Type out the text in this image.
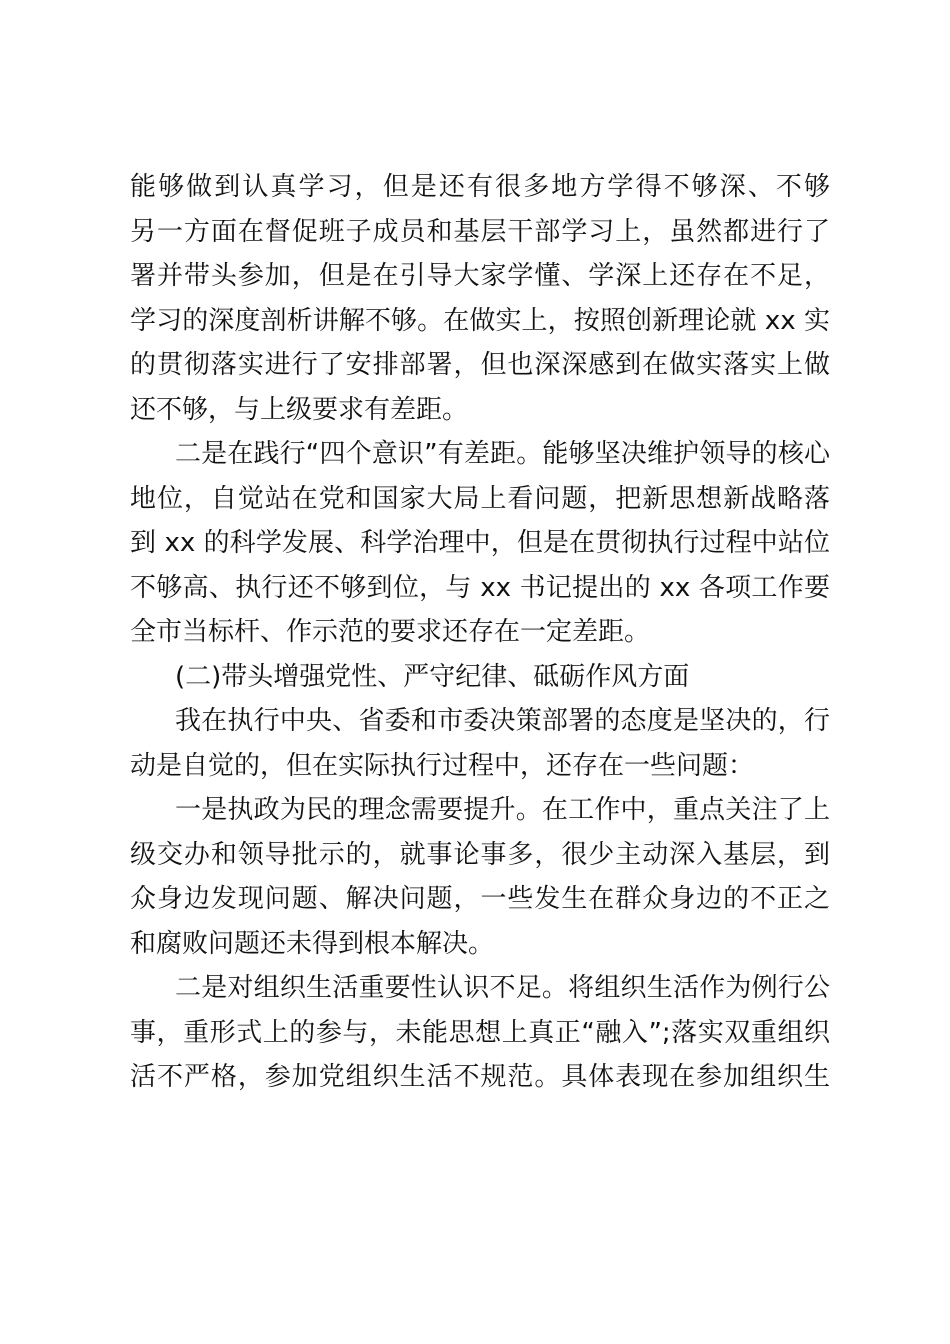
能够做到认真学习，但是还有很多地方学得不够深、不够
另一方面在督促班子成员和基层干部学习上，虽然都进行了
署并带头参加，但是在引导大家学懂、学深上还存在不足，
学习的深度剖析讲解不够。在做实上，按照创新理论就 xx 实
的贯彻落实进行了安排部署，但也深深感到在做实落实上做
还不够，与上级要求有差距。
二是在践行“四个意识”有差距。能够坚决维护领导的核心
地位，自觉站在党和国家大局上看问题，把新思想新战略落
到 xx 的科学发展、科学治理中，但是在贯彻执行过程中站位
不够高、执行还不够到位，与 xx 书记提出的 xx 各项工作要
全市当标杆、作示范的要求还存在一定差距。
(二)带头增强党性、严守纪律、砥砺作风方面
我在执行中央、省委和市委决策部署的态度是坚决的，行
动是自觉的，但在实际执行过程中，还存在一些问题：
一是执政为民的理念需要提升。在工作中，重点关注了上
级交办和领导批示的，就事论事多，很少主动深入基层，到
众身边发现问题、解决问题，一些发生在群众身边的不正之
和腐败问题还未得到根本解决。
二是对组织生活重要性认识不足。将组织生活作为例行公
事，重形式上的参与，未能思想上真正“融入”;落实双重组织
活不严格，参加党组织生活不规范。具体表现在参加组织生
